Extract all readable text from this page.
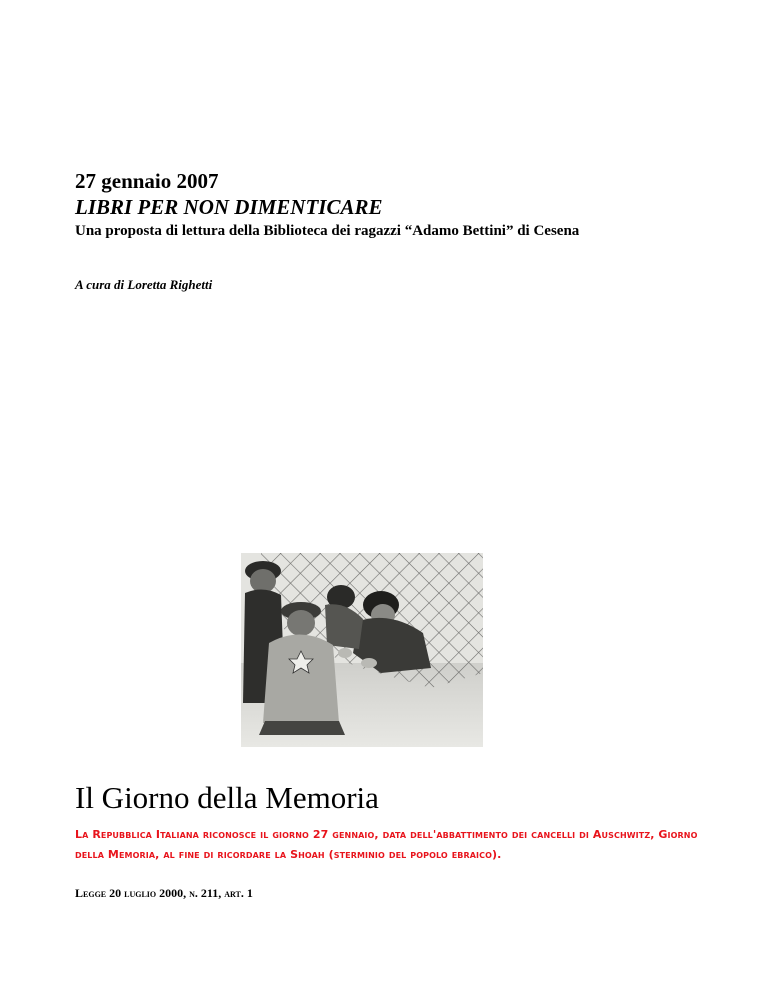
27 gennaio 2007

LIBRI PER NON DIMENTICARE

Una proposta di lettura della Biblioteca dei ragazzi “Adamo Bettini” di Cesena

A cura di Loretta Righetti

Il Giorno della Memoria

La Repubblica Italiana riconosce il giorno 27 gennaio, data dell'abbattimento dei cancelli di Auschwitz, Giorno della Memoria, al fine di ricordare la Shoah (sterminio del popolo ebraico).

Legge 20 luglio 2000, n. 211, art. 1
